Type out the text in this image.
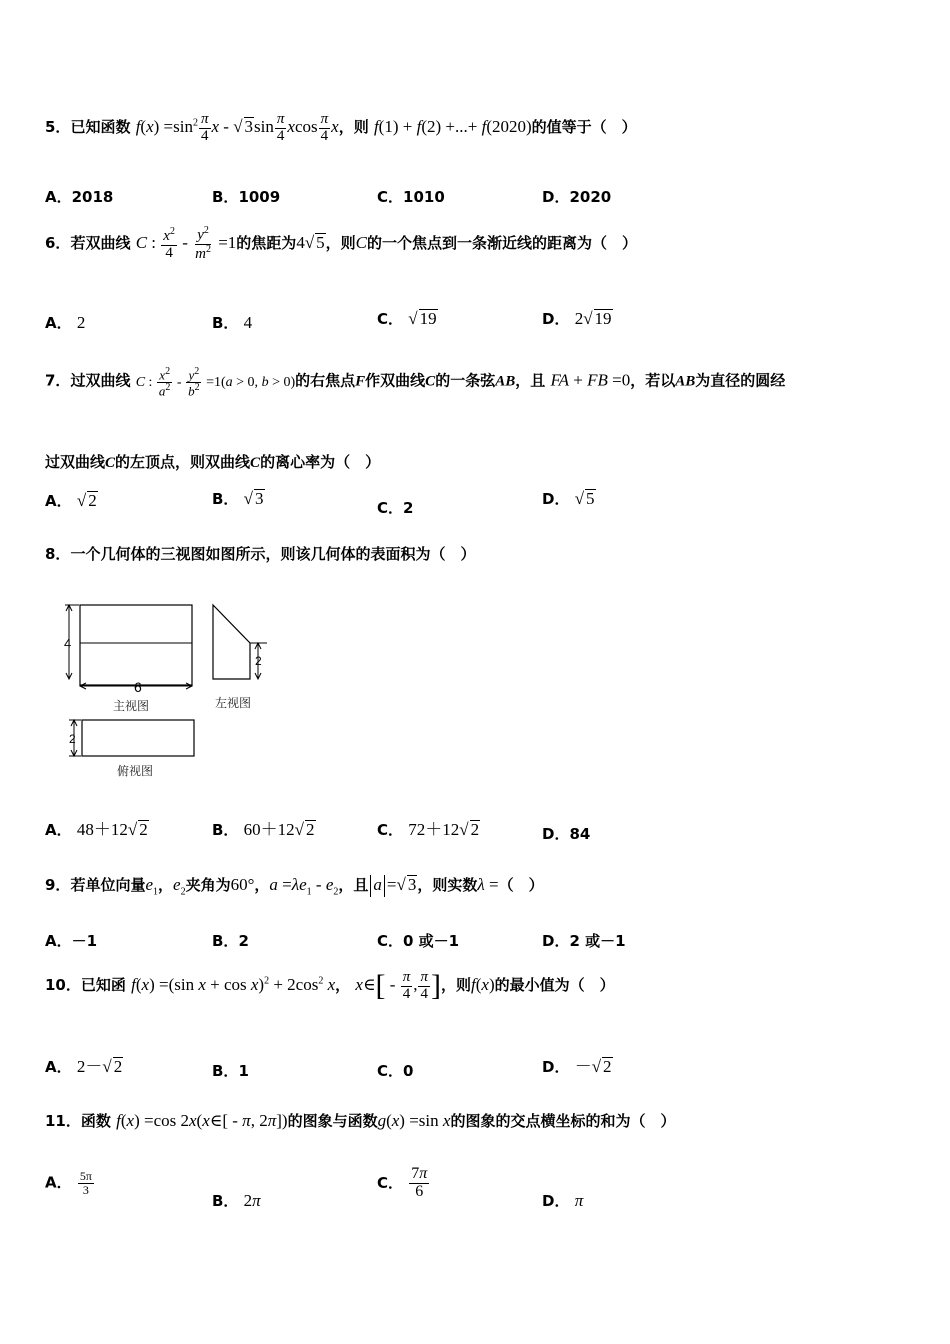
5．已知函数 $f(x) =\sin^2 \frac{\pi}{4}$ x - √ $3\sin \frac{\pi}{4}$ xcos $\frac{\pi}{4}$ x，则 f(1) + f(2) +...+ f(2020)的值等于（　）
A．2018	B．1009	C．1010	D．2020
6．若双曲线 C : $\frac{x^2}{4} - \frac{y^2}{m^2} =1$的焦距为4√ 5，则C的一个焦点到一条渐近线的距离为（　）
A． 2	B． 4	C． √ 19	D． 2√ 19
7．过双曲线 C : $\frac{x^2}{a^2} - \frac{y^2}{b^2} =1(a > 0$, b > 0)的右焦点F作双曲线C的一条弦AB，且 FA + FB =0，若以AB为直径的圆经
过双曲线C的左顶点，则双曲线C的离心率为（　）
A． √ 2	B． √ 3	C．2	D． √ 5
8．一个几何体的三视图如图所示，则该几何体的表面积为（　）
4
6
主视图
2
左视图
2
俯视图
A． 48＋12√ 2	B． 60＋12√ 2	C． 72＋12√ 2	D．84
9．若单位向量$e_1$，$e_2$夹角为60°，$a =\lambda e_1 - e_2$，且 a =√ 3，则实数λ =（　）
A．－1	B．2	C．0 或－1	D．2 或－1
10．已知函 f(x) =(sin $x + \cos x)^2 + 2\cos^2$ x， x∈[ - $\frac{\pi}{4}$ , $\frac{\pi}{4}$ ]，则f(x)的最小值为（　）
A． 2－√ 2	B．1	C．0	D． －√ 2
11．函数 f(x) =cos 2x(x∈[ - π, 2π])的图象与函数g(x) =sin x的图象的交点横坐标的和为（　）
A． $\frac{5\pi}{3}$
B． 2π
C． $\frac{7\pi}{6}$
D． π
